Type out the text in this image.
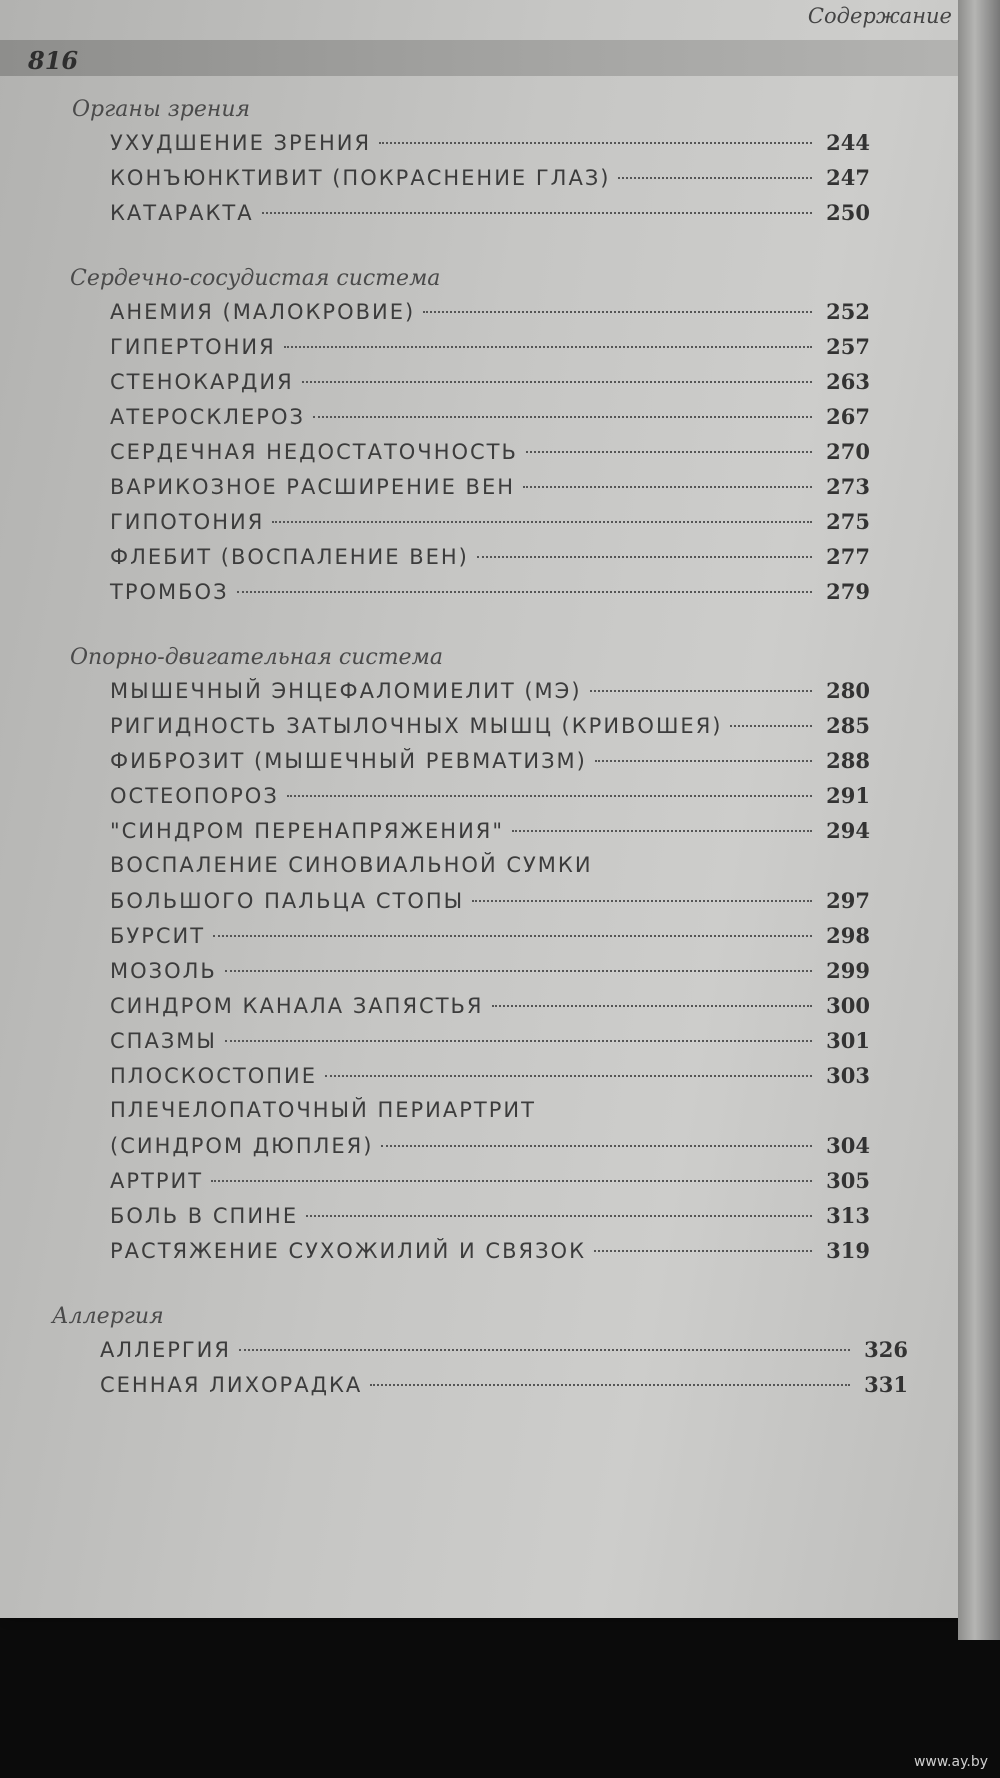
Содержание
816
Органы зрения
УХУДШЕНИЕ ЗРЕНИЯ	244
КОНЪЮНКТИВИТ (ПОКРАСНЕНИЕ ГЛАЗ)	247
КАТАРАКТА	250
Сердечно-сосудистая система
АНЕМИЯ (МАЛОКРОВИЕ)	252
ГИПЕРТОНИЯ	257
СТЕНОКАРДИЯ	263
АТЕРОСКЛЕРОЗ	267
СЕРДЕЧНАЯ НЕДОСТАТОЧНОСТЬ	270
ВАРИКОЗНОЕ РАСШИРЕНИЕ ВЕН	273
ГИПОТОНИЯ	275
ФЛЕБИТ (ВОСПАЛЕНИЕ ВЕН)	277
ТРОМБОЗ	279
Опорно-двигательная система
МЫШЕЧНЫЙ ЭНЦЕФАЛОМИЕЛИТ (МЭ)	280
РИГИДНОСТЬ ЗАТЫЛОЧНЫХ МЫШЦ (КРИВОШЕЯ)	285
ФИБРОЗИТ (МЫШЕЧНЫЙ РЕВМАТИЗМ)	288
ОСТЕОПОРОЗ	291
"СИНДРОМ ПЕРЕНАПРЯЖЕНИЯ"	294
ВОСПАЛЕНИЕ СИНОВИАЛЬНОЙ СУМКИ
БОЛЬШОГО ПАЛЬЦА СТОПЫ	297
БУРСИТ	298
МОЗОЛЬ	299
СИНДРОМ КАНАЛА ЗАПЯСТЬЯ	300
СПАЗМЫ	301
ПЛОСКОСТОПИЕ	303
ПЛЕЧЕЛОПАТОЧНЫЙ ПЕРИАРТРИТ
(СИНДРОМ ДЮПЛЕЯ)	304
АРТРИТ	305
БОЛЬ В СПИНЕ	313
РАСТЯЖЕНИЕ СУХОЖИЛИЙ И СВЯЗОК	319
Аллергия
АЛЛЕРГИЯ	326
СЕННАЯ ЛИХОРАДКА	331
www.ay.by
